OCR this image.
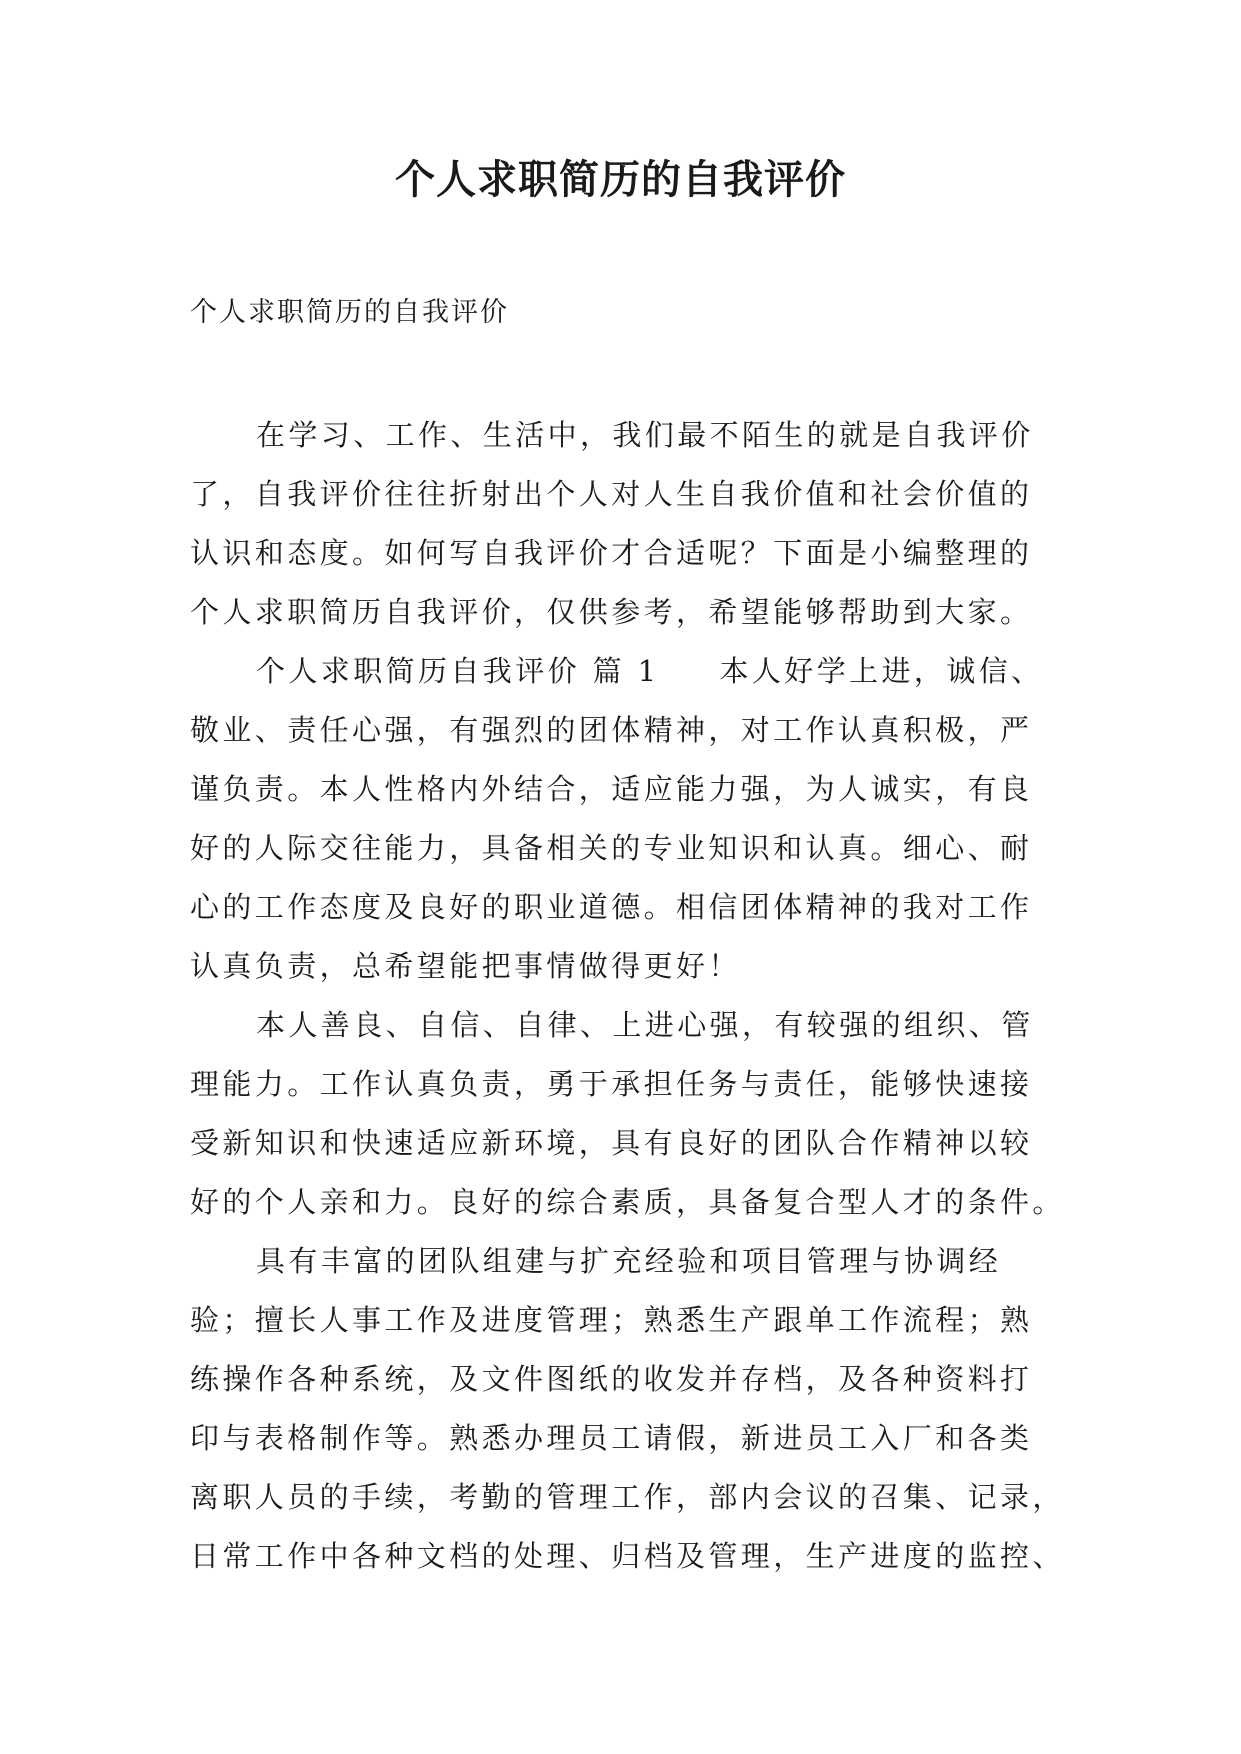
个人求职简历的自我评价
个人求职简历的自我评价
在学习、工作、生活中，我们最不陌生的就是自我评价
了，自我评价往往折射出个人对人生自我价值和社会价值的
认识和态度。如何写自我评价才合适呢？下面是小编整理的
个人求职简历自我评价，仅供参考，希望能够帮助到大家。
个人求职简历自我评价 篇 1 本人好学上进，诚信、
敬业、责任心强，有强烈的团体精神，对工作认真积极，严
谨负责。本人性格内外结合，适应能力强，为人诚实，有良
好的人际交往能力，具备相关的专业知识和认真。细心、耐
心的工作态度及良好的职业道德。相信团体精神的我对工作
认真负责，总希望能把事情做得更好！
本人善良、自信、自律、上进心强，有较强的组织、管
理能力。工作认真负责，勇于承担任务与责任，能够快速接
受新知识和快速适应新环境，具有良好的团队合作精神以较
好的个人亲和力。良好的综合素质，具备复合型人才的条件。
具有丰富的团队组建与扩充经验和项目管理与协调经
验；擅长人事工作及进度管理；熟悉生产跟单工作流程；熟
练操作各种系统，及文件图纸的收发并存档，及各种资料打
印与表格制作等。熟悉办理员工请假，新进员工入厂和各类
离职人员的手续，考勤的管理工作，部内会议的召集、记录，
日常工作中各种文档的处理、归档及管理，生产进度的监控、
